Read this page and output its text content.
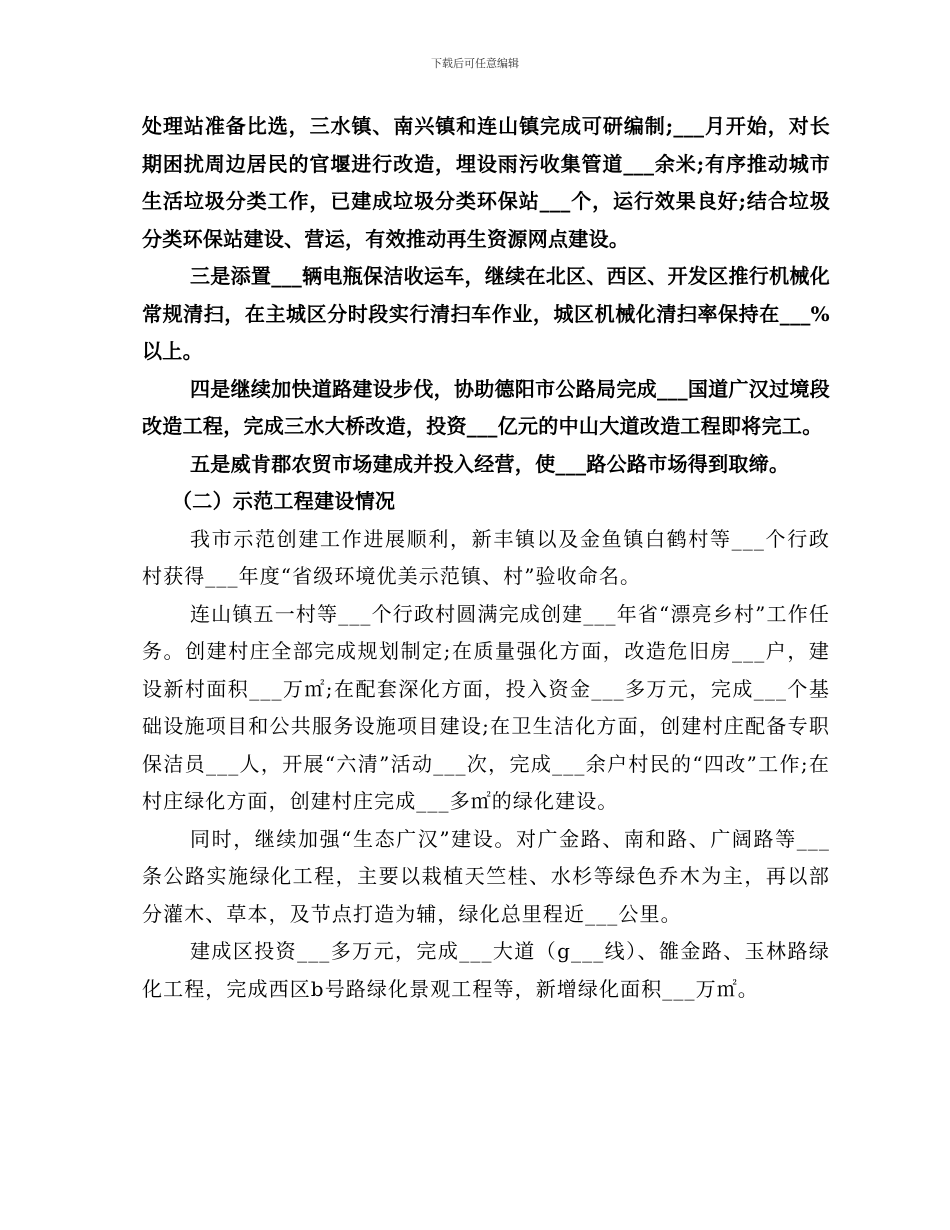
下载后可任意编辑

处理站准备比选，三水镇、南兴镇和连山镇完成可研编制;___月开始，对长期困扰周边居民的官堰进行改造，埋设雨污收集管道___余米;有序推动城市生活垃圾分类工作，已建成垃圾分类环保站___个，运行效果良好;结合垃圾分类环保站建设、营运，有效推动再生资源网点建设。

三是添置___辆电瓶保洁收运车，继续在北区、西区、开发区推行机械化常规清扫，在主城区分时段实行清扫车作业，城区机械化清扫率保持在___%以上。

四是继续加快道路建设步伐，协助德阳市公路局完成___国道广汉过境段改造工程，完成三水大桥改造，投资___亿元的中山大道改造工程即将完工。

五是威肯郡农贸市场建成并投入经营，使___路公路市场得到取缔。

（二）示范工程建设情况

我市示范创建工作进展顺利，新丰镇以及金鱼镇白鹤村等___个行政村获得___年度“省级环境优美示范镇、村”验收命名。

连山镇五一村等___个行政村圆满完成创建___年省“漂亮乡村”工作任务。创建村庄全部完成规划制定;在质量强化方面，改造危旧房___户，建设新村面积___万㎡;在配套深化方面，投入资金___多万元，完成___个基础设施项目和公共服务设施项目建设;在卫生洁化方面，创建村庄配备专职保洁员___人，开展“六清”活动___次，完成___余户村民的“四改”工作;在村庄绿化方面，创建村庄完成___多㎡的绿化建设。

同时，继续加强“生态广汉”建设。对广金路、南和路、广阔路等___条公路实施绿化工程，主要以栽植天竺桂、水杉等绿色乔木为主，再以部分灌木、草本，及节点打造为辅，绿化总里程近___公里。

建成区投资___多万元，完成___大道（g___线）、雒金路、玉林路绿化工程，完成西区b号路绿化景观工程等，新增绿化面积___万㎡。
